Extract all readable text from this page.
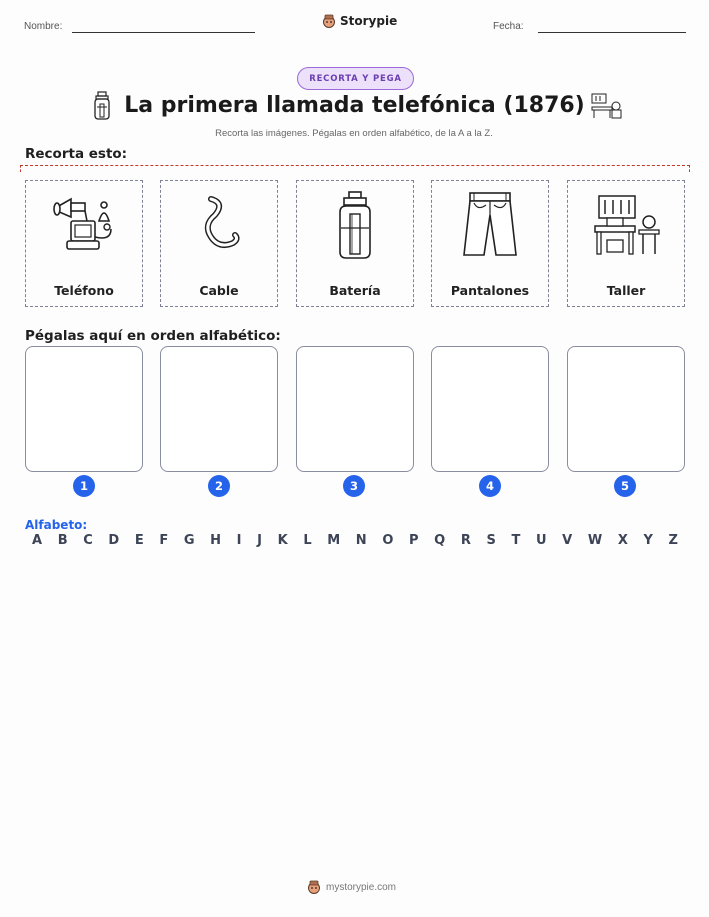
Nombre:	Storypie	Fecha:
RECORTA Y PEGA
La primera llamada telefónica (1876)
Recorta las imágenes. Pégalas en orden alfabético, de la A a la Z.
Recorta esto:
Teléfono	Cable	Batería	Pantalones	Taller
Pégalas aquí en orden alfabético:
1	2	3	4	5
Alfabeto:
A B C D E F G H I J K L M N O P Q R S T U V W X Y Z
mystorypie.com
